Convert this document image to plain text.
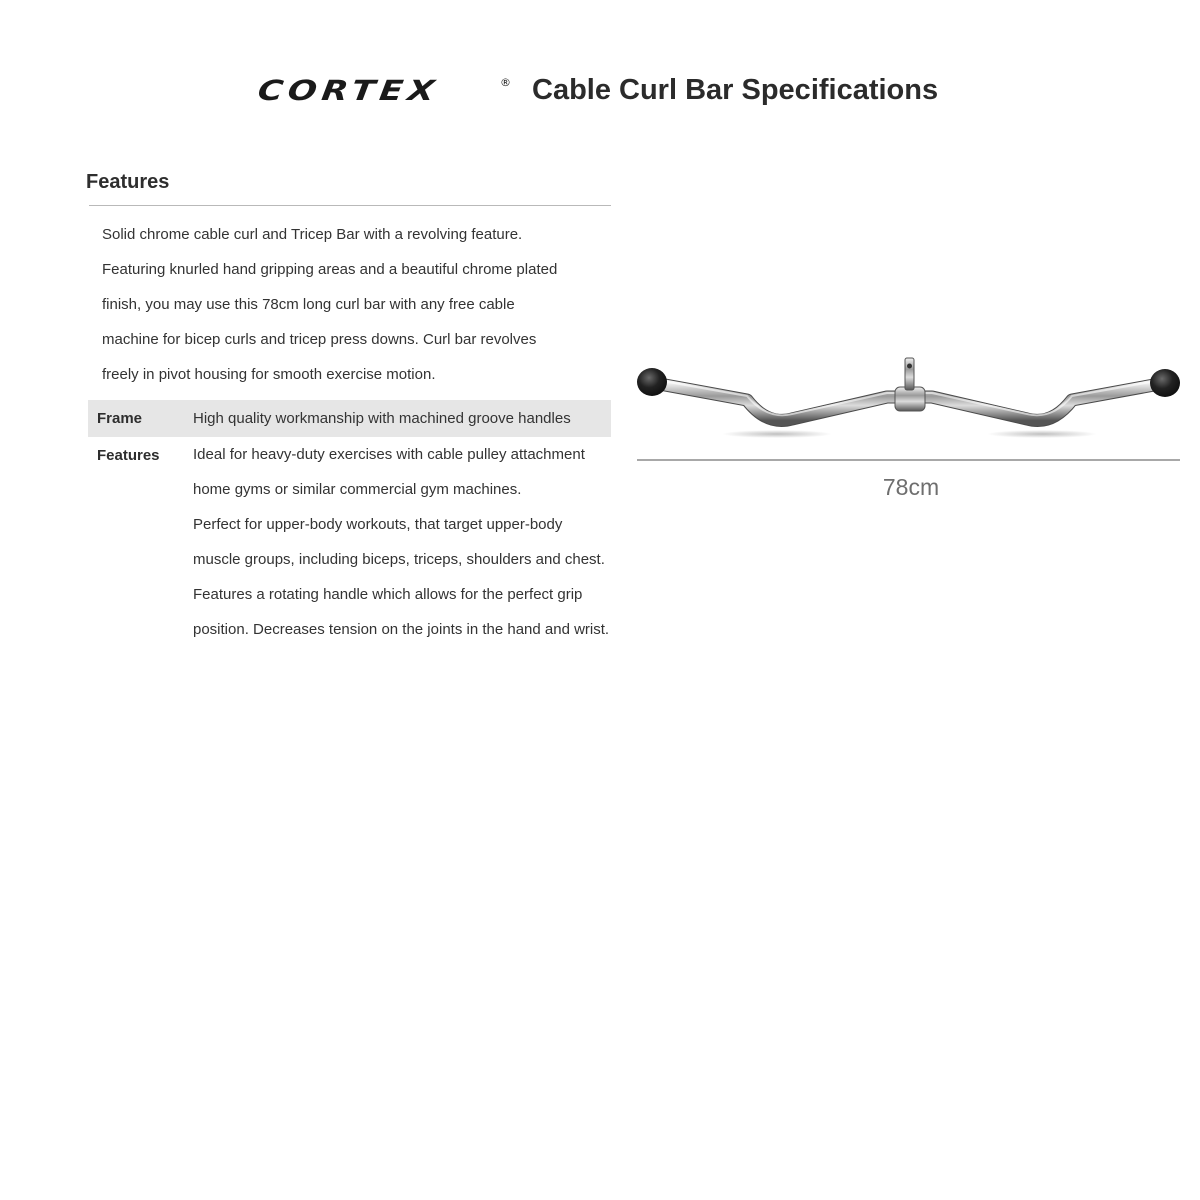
CORTEX	® Cable Curl Bar Specifications
Features

Solid chrome cable curl and Tricep Bar with a revolving feature.

Featuring knurled hand gripping areas and a beautiful chrome plated

finish, you may use this 78cm long curl bar with any free cable

machine for bicep curls and tricep press downs. Curl bar revolves

freely in pivot housing for smooth exercise motion.

Frame	High quality workmanship with machined groove handles

Features	Ideal for heavy-duty exercises with cable pulley attachment

home gyms or similar commercial gym machines.

Perfect for upper-body workouts, that target upper-body

muscle groups, including biceps, triceps, shoulders and chest.

Features a rotating handle which allows for the perfect grip

position. Decreases tension on the joints in the hand and wrist.

78cm
